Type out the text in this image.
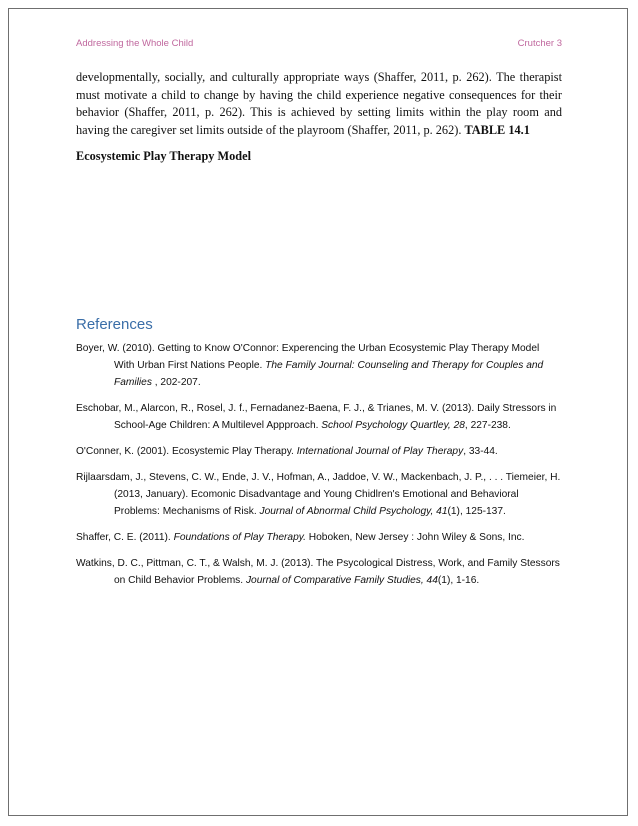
Addressing the Whole Child	Crutcher 3
developmentally, socially, and culturally appropriate ways (Shaffer, 2011, p. 262). The therapist
must motivate a child to change by having the child experience negative consequences for their
behavior (Shaffer, 2011, p. 262). This is achieved by setting limits within the play room and
having the caregiver set limits outside of the playroom (Shaffer, 2011, p. 262). TABLE 14.1
Ecosystemic Play Therapy Model
References
Boyer, W. (2010). Getting to Know O'Connor: Experencing the Urban Ecosystemic Play Therapy Model
With Urban First Nations People. The Family Journal: Counseling and Therapy for Couples and
Families , 202-207.
Eschobar, M., Alarcon, R., Rosel, J. f., Fernadanez-Baena, F. J., & Trianes, M. V. (2013). Daily Stressors in
School-Age Children: A Multilevel Appproach. School Psychology Quartley, 28, 227-238.
O'Conner, K. (2001). Ecosystemic Play Therapy. International Journal of Play Therapy, 33-44.
Rijlaarsdam, J., Stevens, C. W., Ende, J. V., Hofman, A., Jaddoe, V. W., Mackenbach, J. P., . . . Tiemeier, H.
(2013, January). Ecomonic Disadvantage and Young Chidlren's Emotional and Behavioral
Problems: Mechanisms of Risk. Journal of Abnormal Child Psychology, 41(1), 125-137.
Shaffer, C. E. (2011). Foundations of Play Therapy. Hoboken, New Jersey : John Wiley & Sons, Inc.
Watkins, D. C., Pittman, C. T., & Walsh, M. J. (2013). The Psycological Distress, Work, and Family Stessors
on Child Behavior Problems. Journal of Comparative Family Studies, 44(1), 1-16.
